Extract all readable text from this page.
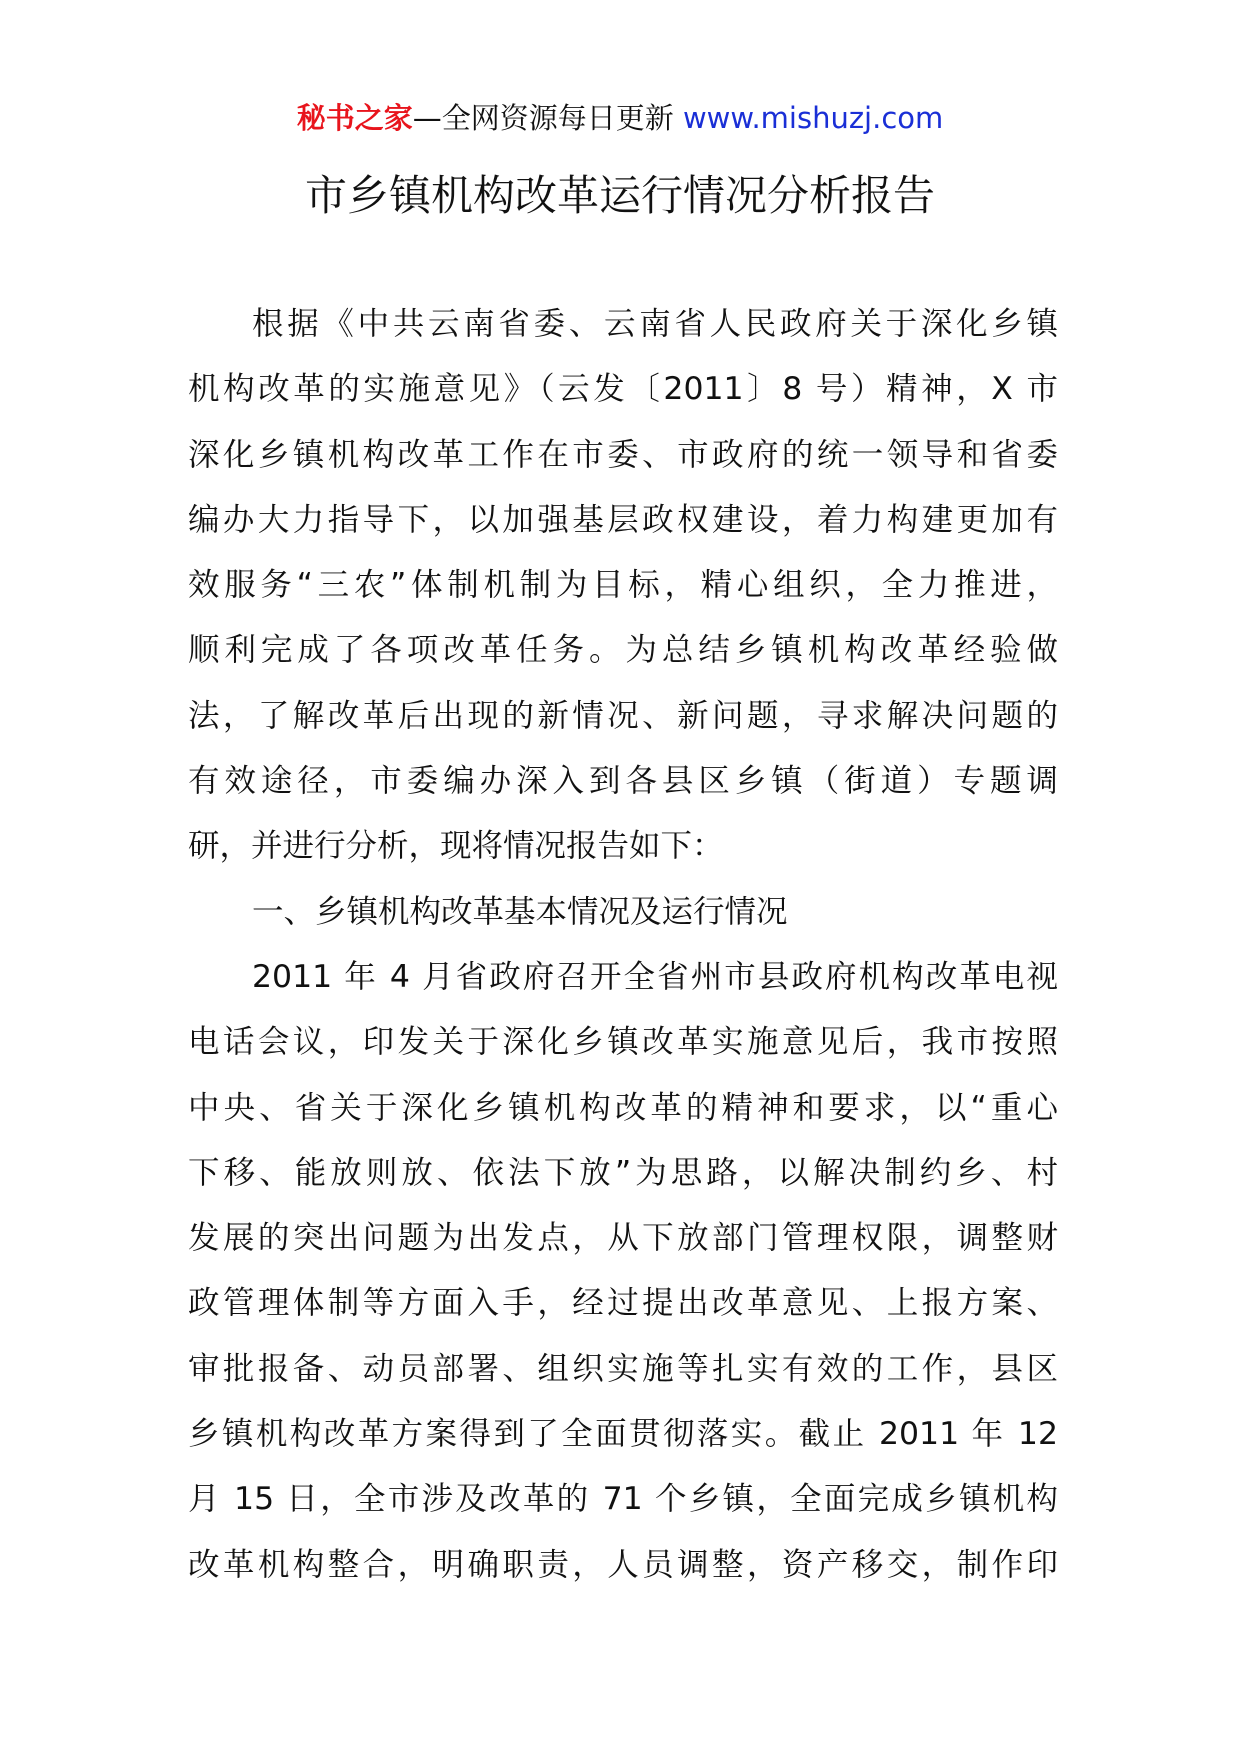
秘书之家—全网资源每日更新 www.mishuzj.com
市乡镇机构改革运行情况分析报告
根据《中共云南省委、云南省人民政府关于深化乡镇
机构改革的实施意见》（云发〔2011〕8 号）精神，X 市
深化乡镇机构改革工作在市委、市政府的统一领导和省委
编办大力指导下，以加强基层政权建设，着力构建更加有
效服务“三农”体制机制为目标，精心组织，全力推进，
顺利完成了各项改革任务。为总结乡镇机构改革经验做
法，了解改革后出现的新情况、新问题，寻求解决问题的
有效途径，市委编办深入到各县区乡镇（街道）专题调
研，并进行分析，现将情况报告如下：
一、乡镇机构改革基本情况及运行情况
2011 年 4 月省政府召开全省州市县政府机构改革电视
电话会议，印发关于深化乡镇改革实施意见后，我市按照
中央、省关于深化乡镇机构改革的精神和要求，以“重心
下移、能放则放、依法下放”为思路，以解决制约乡、村
发展的突出问题为出发点，从下放部门管理权限，调整财
政管理体制等方面入手，经过提出改革意见、上报方案、
审批报备、动员部署、组织实施等扎实有效的工作，县区
乡镇机构改革方案得到了全面贯彻落实。截止 2011 年 12
月 15 日，全市涉及改革的 71 个乡镇，全面完成乡镇机构
改革机构整合，明确职责，人员调整，资产移交，制作印
